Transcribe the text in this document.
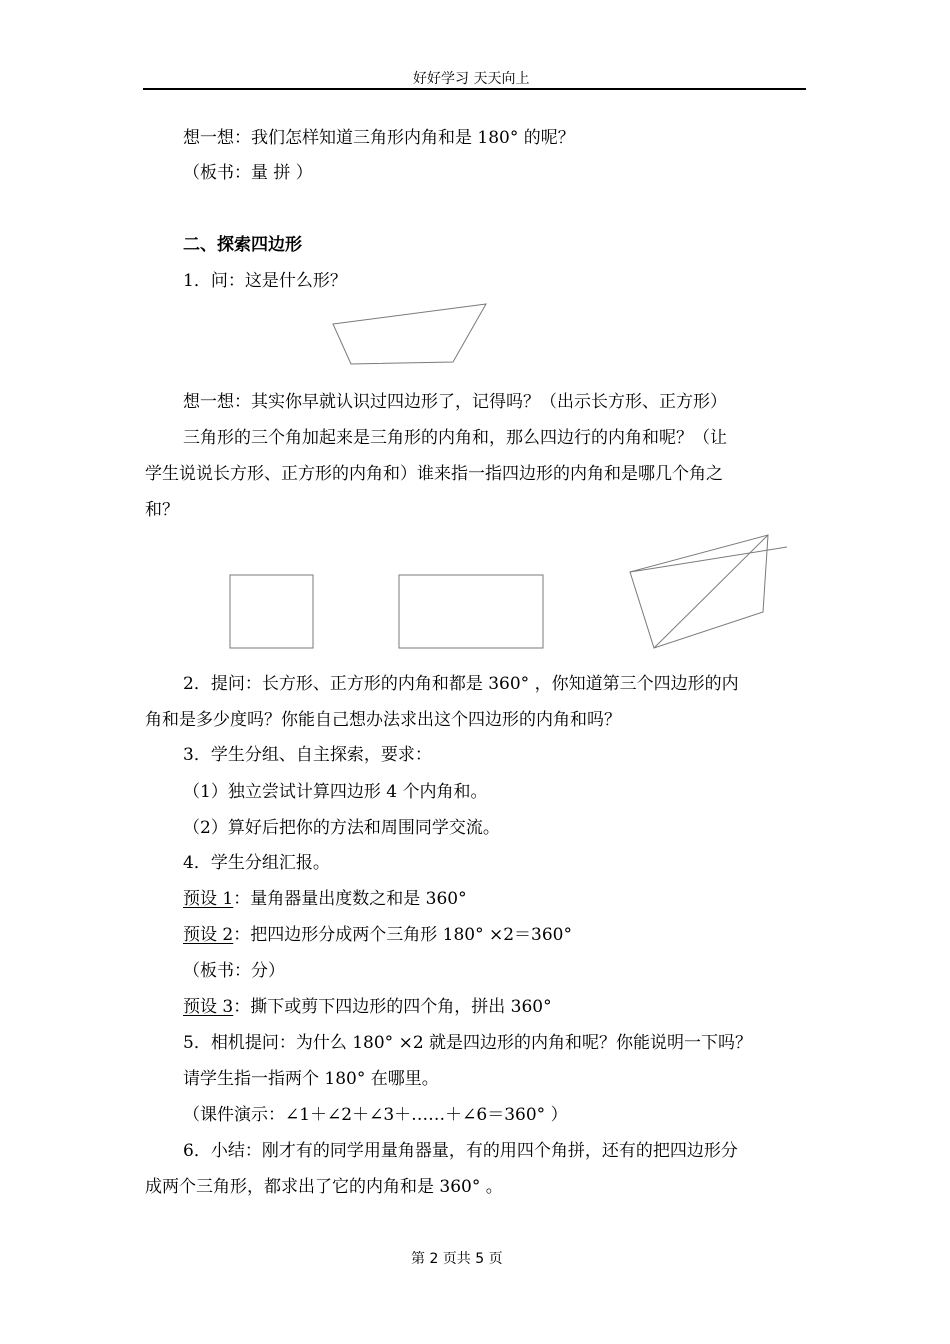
好好学习 天天向上
想一想：我们怎样知道三角形内角和是 180° 的呢？
（板书：量 拼 ）
二、探索四边形
1．问：这是什么形？
想一想：其实你早就认识过四边形了，记得吗？（出示长方形、正方形）
三角形的三个角加起来是三角形的内角和，那么四边行的内角和呢？（让
学生说说长方形、正方形的内角和）谁来指一指四边形的内角和是哪几个角之
和？
2．提问：长方形、正方形的内角和都是 360° ，你知道第三个四边形的内
角和是多少度吗？你能自己想办法求出这个四边形的内角和吗？
3．学生分组、自主探索，要求：
（1）独立尝试计算四边形 4 个内角和。
（2）算好后把你的方法和周围同学交流。
4．学生分组汇报。
预设 1：量角器量出度数之和是 360°
预设 2：把四边形分成两个三角形 180° ×2＝360°
（板书：分）
预设 3：撕下或剪下四边形的四个角，拼出 360°
5．相机提问：为什么 180° ×2 就是四边形的内角和呢？你能说明一下吗？
请学生指一指两个 180° 在哪里。
（课件演示：∠1＋∠2＋∠3＋……＋∠6＝360° ）
6．小结：刚才有的同学用量角器量，有的用四个角拼，还有的把四边形分
成两个三角形，都求出了它的内角和是 360° 。
第 2 页共 5 页
